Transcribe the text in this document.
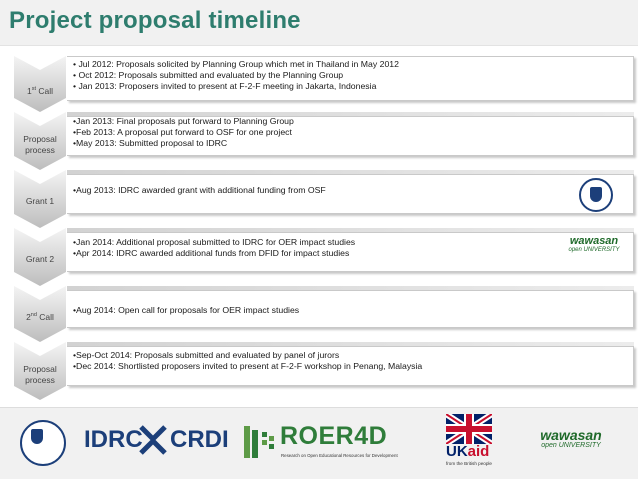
Project proposal timeline
1st Call
• Jul 2012: Proposals solicited by Planning Group which met in Thailand in May 2012
• Oct 2012: Proposals submitted and evaluated by the Planning Group
• Jan 2013: Proposers invited to present at F-2-F meeting in Jakarta, Indonesia
Proposal process
•Jan 2013: Final proposals put forward to Planning Group
•Feb 2013: A proposal put forward to OSF for one project
•May 2013: Submitted proposal to IDRC
Grant 1
•Aug 2013: IDRC awarded grant with additional funding from OSF
Grant 2
•Jan 2014: Additional proposal submitted to IDRC for OER impact studies
•Apr 2014: IDRC awarded additional funds from DFID for impact studies
wawasan
open UNIVERSITY
2nd Call
•Aug 2014: Open call for proposals for OER impact studies
Proposal process
•Sep-Oct 2014: Proposals submitted and evaluated by panel of jurors
•Dec 2014: Shortlisted proposers invited to present at F-2-F workshop in Penang, Malaysia
IDRC CRDI ROER4D
Research on Open Educational Resources for Development	UKaid
from the British people
wawasan
open UNIVERSITY
